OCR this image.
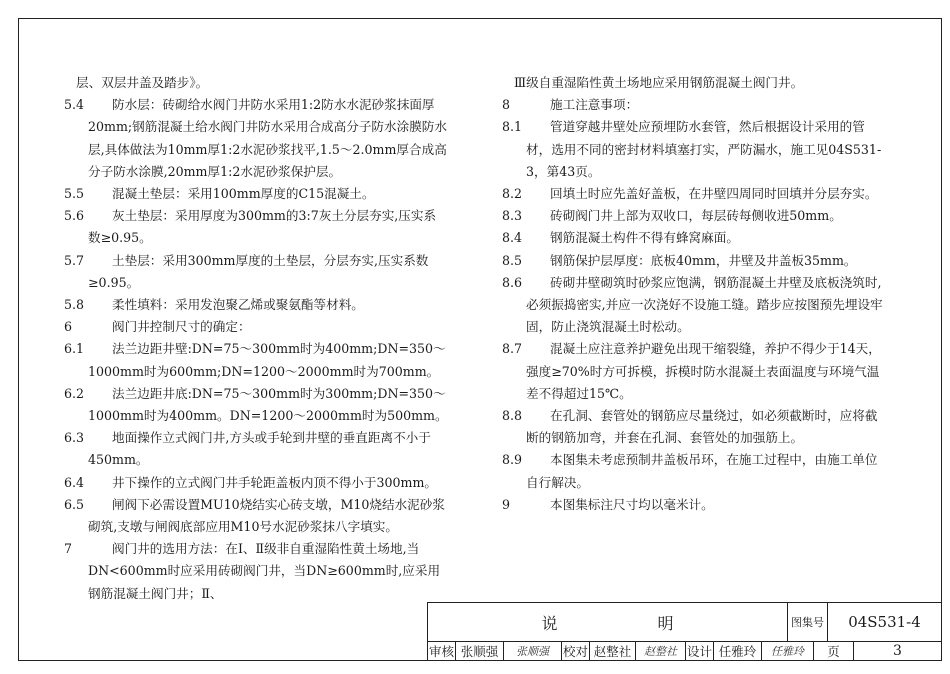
层、双层井盖及踏步》。
5.4 防水层：砖砌给水阀门井防水采用1:2防水水泥砂浆抹面厚20mm;钢筋混凝土给水阀门井防水采用合成高分子防水涂膜防水层,具体做法为10mm厚1:2水泥砂浆找平,1.5～2.0mm厚合成高分子防水涂膜,20mm厚1:2水泥砂浆保护层。
5.5 混凝土垫层：采用100mm厚度的C15混凝土。
5.6 灰土垫层：采用厚度为300mm的3:7灰土分层夯实,压实系数≥0.95。
5.7 土垫层：采用300mm厚度的土垫层，分层夯实,压实系数≥0.95。
5.8 柔性填料：采用发泡聚乙烯或聚氨酯等材料。
6	阀门井控制尺寸的确定：
6.1 法兰边距井壁:DN=75～300mm时为400mm;DN=350～1000mm时为600mm;DN=1200～2000mm时为700mm。
6.2 法兰边距井底:DN=75～300mm时为300mm;DN=350～1000mm时为400mm。DN=1200～2000mm时为500mm。
6.3 地面操作立式阀门井,方头或手轮到井壁的垂直距离不小于450mm。
6.4 井下操作的立式阀门井手轮距盖板内顶不得小于300mm。
6.5 闸阀下必需设置MU10烧结实心砖支墩，M10烧结水泥砂浆砌筑,支墩与闸阀底部应用M10号水泥砂浆抹八字填实。
7	阀门井的选用方法：在Ⅰ、Ⅱ级非自重湿陷性黄土场地,当DN<600mm时应采用砖砌阀门井，当DN≥600mm时,应采用钢筋混凝土阀门井；Ⅱ、
Ⅲ级自重湿陷性黄土场地应采用钢筋混凝土阀门井。
8	施工注意事项：
8.1 管道穿越井壁处应预埋防水套管，然后根据设计采用的管材，选用不同的密封材料填塞打实，严防漏水，施工见04S531-3，第43页。
8.2 回填土时应先盖好盖板，在井壁四周同时回填并分层夯实。
8.3 砖砌阀门井上部为双收口，每层砖每侧收进50mm。
8.4 钢筋混凝土构件不得有蜂窝麻面。
8.5 钢筋保护层厚度：底板40mm，井壁及井盖板35mm。
8.6 砖砌井壁砌筑时砂浆应饱满，钢筋混凝土井壁及底板浇筑时,必须振捣密实,并应一次浇好不设施工缝。踏步应按图预先埋设牢固，防止浇筑混凝土时松动。
8.7 混凝土应注意养护避免出现干缩裂缝，养护不得少于14天，强度≥70%时方可拆模，拆模时防水混凝土表面温度与环境气温差不得超过15℃。
8.8 在孔洞、套管处的钢筋应尽量绕过，如必须截断时，应将截断的钢筋加弯，并套在孔洞、套管处的加强筋上。
8.9 本图集未考虑预制井盖板吊环，在施工过程中，由施工单位自行解决。
9	本图集标注尺寸均以毫米计。
说	明	图集号	04S531-4
审核 张顺强	张顺强	校对 赵整社	赵整社 设计 任雅玲	任雅玲	页	3
